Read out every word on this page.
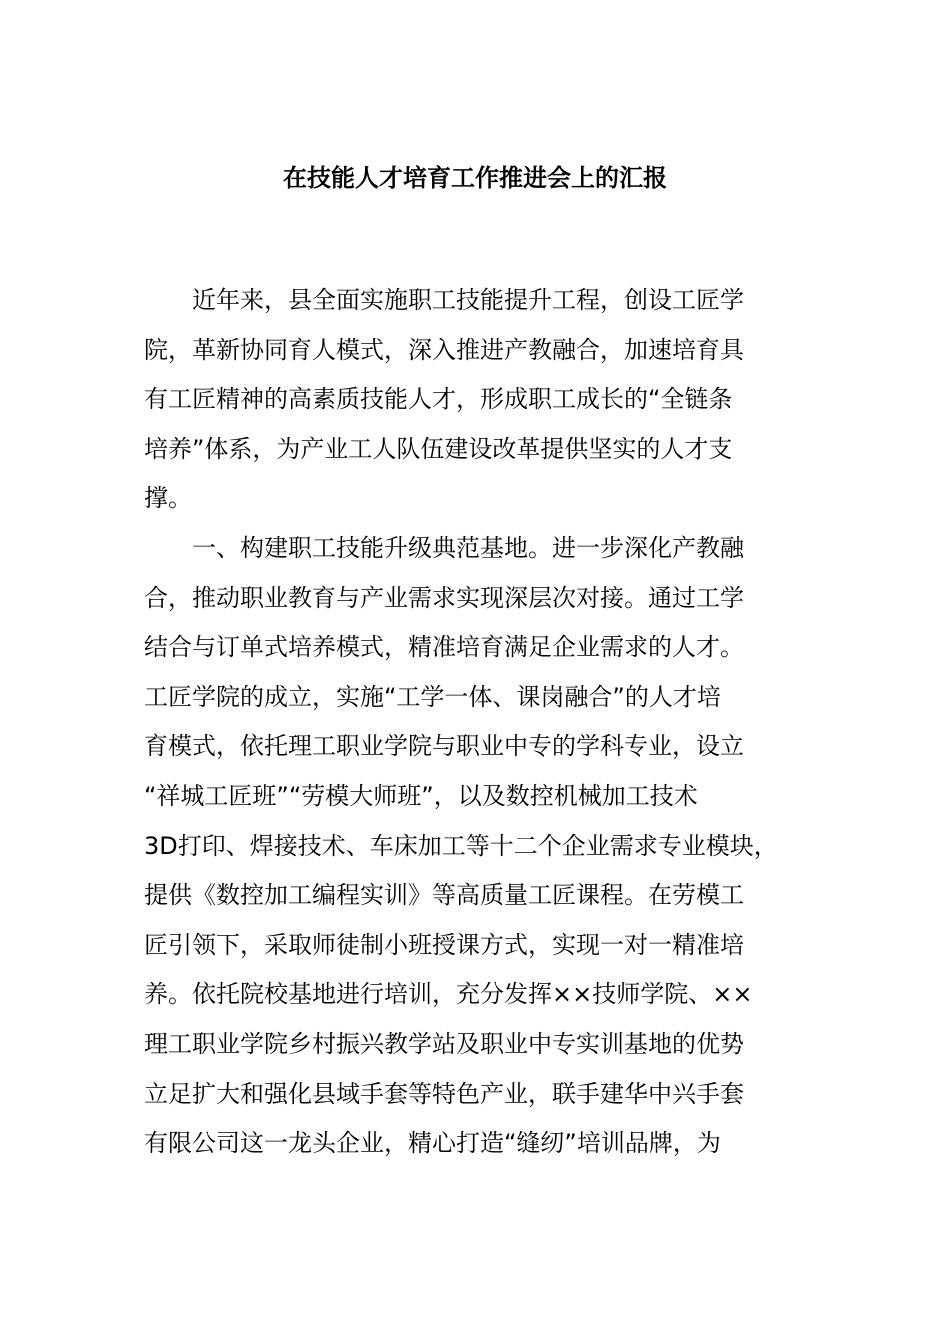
在技能人才培育工作推进会上的汇报
近年来，县全面实施职工技能提升工程，创设工匠学
院，革新协同育人模式，深入推进产教融合，加速培育具
有工匠精神的高素质技能人才，形成职工成长的“全链条
培养”体系，为产业工人队伍建设改革提供坚实的人才支
撑。
一、构建职工技能升级典范基地。进一步深化产教融
合，推动职业教育与产业需求实现深层次对接。通过工学
结合与订单式培养模式，精准培育满足企业需求的人才。
工匠学院的成立，实施“工学一体、课岗融合”的人才培
育模式，依托理工职业学院与职业中专的学科专业，设立
“祥城工匠班”“劳模大师班”，以及数控机械加工技术
3D打印、焊接技术、车床加工等十二个企业需求专业模块，
提供《数控加工编程实训》等高质量工匠课程。在劳模工
匠引领下，采取师徒制小班授课方式，实现一对一精准培
养。依托院校基地进行培训，充分发挥××技师学院、××
理工职业学院乡村振兴教学站及职业中专实训基地的优势
立足扩大和强化县域手套等特色产业，联手建华中兴手套
有限公司这一龙头企业，精心打造“缝纫”培训品牌，为
